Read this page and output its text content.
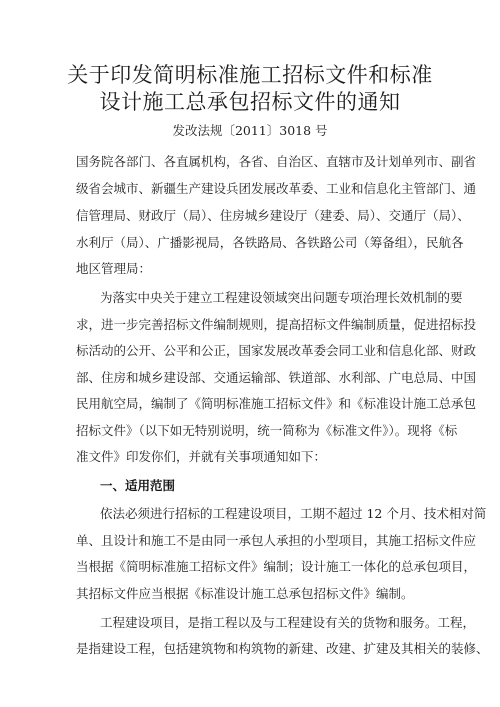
关于印发简明标准施工招标文件和标准
设计施工总承包招标文件的通知
发改法规〔2011〕3018 号
国务院各部门、各直属机构，各省、自治区、直辖市及计划单列市、副省
级省会城市、新疆生产建设兵团发展改革委、工业和信息化主管部门、通
信管理局、财政厅（局）、住房城乡建设厅（建委、局）、交通厅（局）、
水利厅（局）、广播影视局，各铁路局、各铁路公司（筹备组），民航各
地区管理局：
为落实中央关于建立工程建设领域突出问题专项治理长效机制的要
求，进一步完善招标文件编制规则，提高招标文件编制质量，促进招标投
标活动的公开、公平和公正，国家发展改革委会同工业和信息化部、财政
部、住房和城乡建设部、交通运输部、铁道部、水利部、广电总局、中国
民用航空局，编制了《简明标准施工招标文件》和《标准设计施工总承包
招标文件》（以下如无特别说明，统一简称为《标准文件》）。现将《标
准文件》印发你们，并就有关事项通知如下：
一、适用范围
依法必须进行招标的工程建设项目，工期不超过 12 个月、技术相对简
单、且设计和施工不是由同一承包人承担的小型项目，其施工招标文件应
当根据《简明标准施工招标文件》编制；设计施工一体化的总承包项目，
其招标文件应当根据《标准设计施工总承包招标文件》编制。
工程建设项目，是指工程以及与工程建设有关的货物和服务。工程，
是指建设工程，包括建筑物和构筑物的新建、改建、扩建及其相关的装修、
